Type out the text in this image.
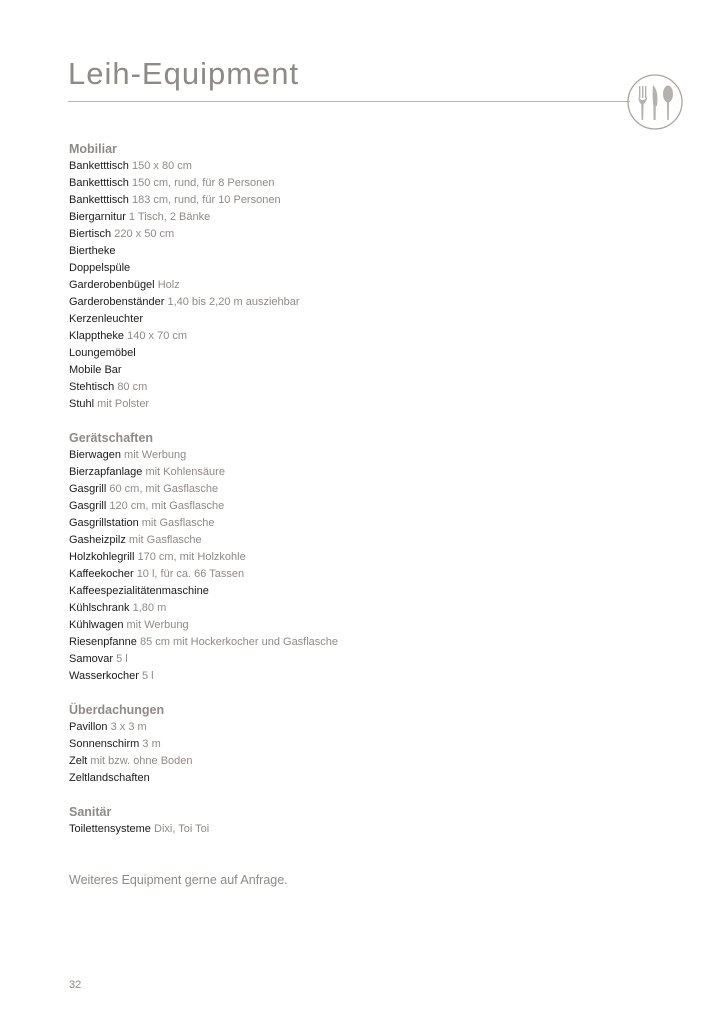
Leih-Equipment
Mobiliar
Banketttisch 150 x 80 cm
Banketttisch 150 cm, rund, für 8 Personen
Banketttisch 183 cm, rund, für 10 Personen
Biergarnitur 1 Tisch, 2 Bänke
Biertisch 220 x 50 cm
Biertheke
Doppelspüle
Garderobenbügel Holz
Garderobenständer 1,40 bis 2,20 m ausziehbar
Kerzenleuchter
Klapptheke 140 x 70 cm
Loungemöbel
Mobile Bar
Stehtisch 80 cm
Stuhl mit Polster
Gerätschaften
Bierwagen mit Werbung
Bierzapfanlage mit Kohlensäure
Gasgrill 60 cm, mit Gasflasche
Gasgrill 120 cm, mit Gasflasche
Gasgrillstation mit Gasflasche
Gasheizpilz mit Gasflasche
Holzkohlegrill 170 cm, mit Holzkohle
Kaffeekocher 10 l, für ca. 66 Tassen
Kaffeespezialitätenmaschine
Kühlschrank 1,80 m
Kühlwagen mit Werbung
Riesenpfanne 85 cm mit Hockerkocher und Gasflasche
Samovar 5 l
Wasserkocher 5 l
Überdachungen
Pavillon 3 x 3 m
Sonnenschirm 3 m
Zelt mit bzw. ohne Boden
Zeltlandschaften
Sanitär
Toilettensysteme Dixi, Toi Toi
Weiteres Equipment gerne auf Anfrage.
32
